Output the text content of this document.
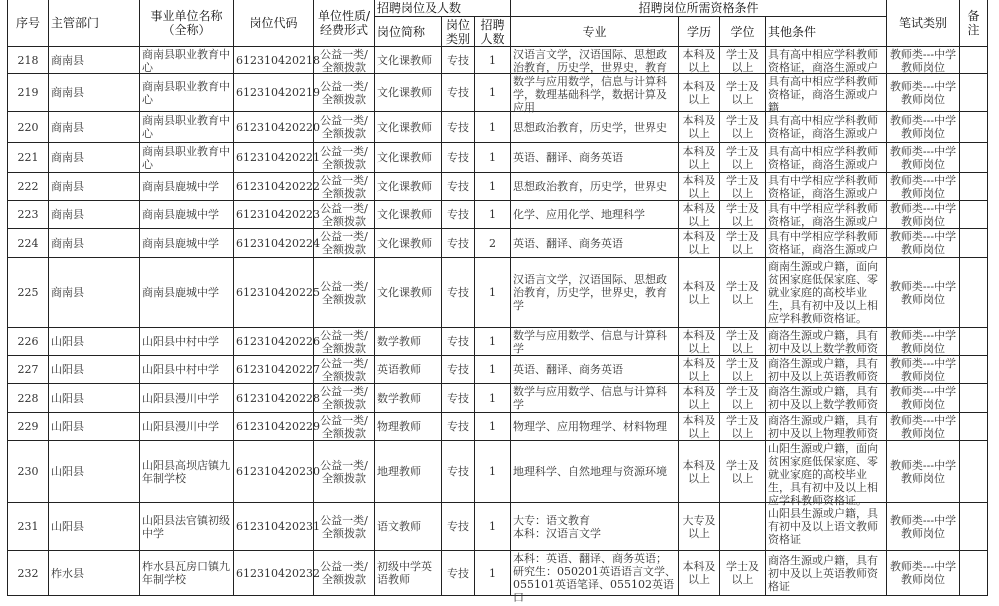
序号	主管部门	事业单位名称（全称）	岗位代码	单位性质/经费形式	招聘岗位及人数			招聘岗位所需资格条件				笔试类别	备注
					岗位简称	岗位类别	招聘人数	专业	学历	学位	其他条件		

218	商南县	商南县职业教育中心	612310420218	公益一类/全额拨款	文化课教师	专技	1	汉语言文学，汉语国际、思想政治教育，历史学，世界史，教育	本科及以上	学士及以上	具有高中相应学科教师资格证，商洛生源或户	教师类---中学教师岗位	

219	商南县	商南县职业教育中心	612310420219	公益一类/全额拨款	文化课教师	专技	1	数学与应用数学，信息与计算科学，数理基础科学，数据计算及应用	本科及以上	学士及以上	具有高中相应学科教师资格证，商洛生源或户籍	教师类---中学教师岗位	

220	商南县	商南县职业教育中心	612310420220	公益一类/全额拨款	文化课教师	专技	1	思想政治教育，历史学，世界史	本科及以上	学士及以上	具有高中相应学科教师资格证，商洛生源或户	教师类---中学教师岗位	

221	商南县	商南县职业教育中心	612310420221	公益一类/全额拨款	文化课教师	专技	1	英语、翻译、商务英语	本科及以上	学士及以上	具有高中相应学科教师资格证，商洛生源或户	教师类---中学教师岗位	

222	商南县	商南县鹿城中学	612310420222	公益一类/全额拨款	文化课教师	专技	1	思想政治教育，历史学，世界史	本科及以上	学士及以上	具有中学相应学科教师资格证，商洛生源或户	教师类---中学教师岗位	

223	商南县	商南县鹿城中学	612310420223	公益一类/全额拨款	文化课教师	专技	1	化学、应用化学、地理科学	本科及以上	学士及以上	具有中学相应学科教师资格证，商洛生源或户	教师类---中学教师岗位	

224	商南县	商南县鹿城中学	612310420224	公益一类/全额拨款	文化课教师	专技	2	英语、翻译、商务英语	本科及以上	学士及以上	具有中学相应学科教师资格证，商洛生源或户	教师类---中学教师岗位	

225	商南县	商南县鹿城中学	612310420225	公益一类/全额拨款	文化课教师	专技	1	汉语言文学，汉语国际、思想政治教育，历史学，世界史，教育学	本科及以上	学士及以上	商南生源或户籍，面向贫困家庭低保家庭、零就业家庭的高校毕业生，具有初中及以上相应学科教师资格证。	教师类---中学教师岗位	

226	山阳县	山阳县中村中学	612310420226	公益一类/全额拨款	数学教师	专技	1	数学与应用数学、信息与计算科学	本科及以上	学士及以上	商洛生源或户籍，具有初中及以上数学教师资	教师类---中学教师岗位	

227	山阳县	山阳县中村中学	612310420227	公益一类/全额拨款	英语教师	专技	1	英语、翻译、商务英语	本科及以上	学士及以上	商洛生源或户籍，具有初中及以上英语教师资	教师类---中学教师岗位	

228	山阳县	山阳县漫川中学	612310420228	公益一类/全额拨款	数学教师	专技	1	数学与应用数学、信息与计算科学	本科及以上	学士及以上	商洛生源或户籍，具有初中及以上数学教师资	教师类---中学教师岗位	

229	山阳县	山阳县漫川中学	612310420229	公益一类/全额拨款	物理教师	专技	1	物理学、应用物理学、材料物理	本科及以上	学士及以上	商洛生源或户籍，具有初中及以上物理教师资	教师类---中学教师岗位	

230	山阳县	山阳县高坝店镇九年制学校	612310420230	公益一类/全额拨款	地理教师	专技	1	地理科学、自然地理与资源环境	本科及以上	学士及以上	山阳生源或户籍，面向贫困家庭低保家庭、零就业家庭的高校毕业生，具有初中及以上相应学科教师资格证。	教师类---中学教师岗位	

231	山阳县	山阳县法官镇初级中学	612310420231	公益一类/全额拨款	语文教师	专技	1	大专：语文教育
本科：汉语言文学	大专及以上		山阳县生源或户籍，具有初中及以上语文教师资格证	教师类---中学教师岗位	

232	柞水县	柞水县瓦房口镇九年制学校	612310420232	公益一类/全额拨款	初级中学英语教师	专技	1	本科：英语、翻译、商务英语；研究生：050201英语语言文学、055101英语笔译、055102英语口	本科及以上	学士及以上	商洛生源或户籍，具有初中及以上英语教师资格证	教师类---中学教师岗位	
